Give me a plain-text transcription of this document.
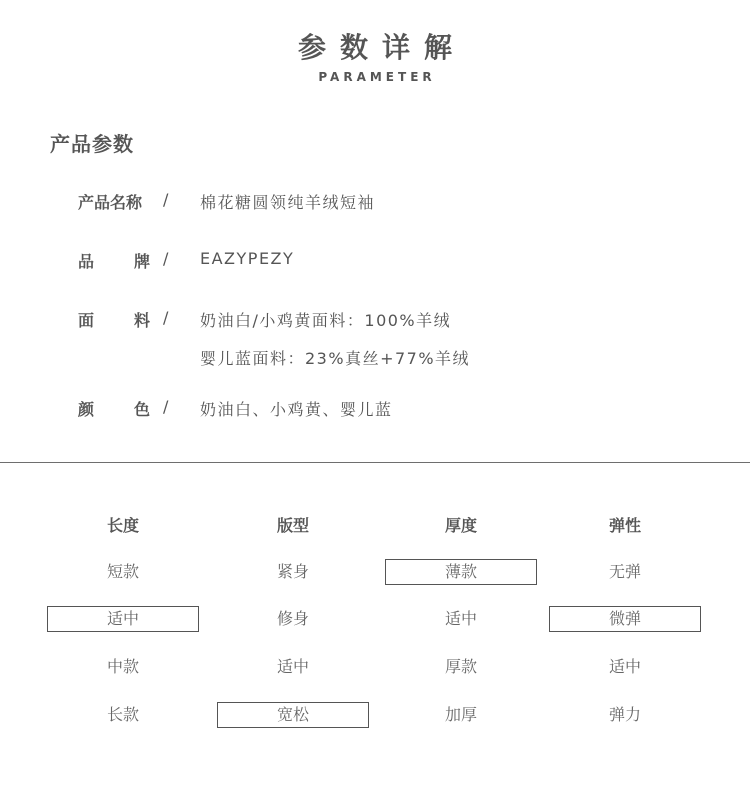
参数详解
PARAMETER
产品参数
产品名称 / 棉花糖圆领纯羊绒短袖
品 牌 / EAZYPEZY
面 料 / 奶油白/小鸡黄面料：100%羊绒
婴儿蓝面料：23%真丝+77%羊绒
颜 色 / 奶油白、小鸡黄、婴儿蓝
长度
短款
适中
中款
长款
版型
紧身
修身
适中
宽松
厚度
薄款
适中
厚款
加厚
弹性
无弹
微弹
适中
弹力
